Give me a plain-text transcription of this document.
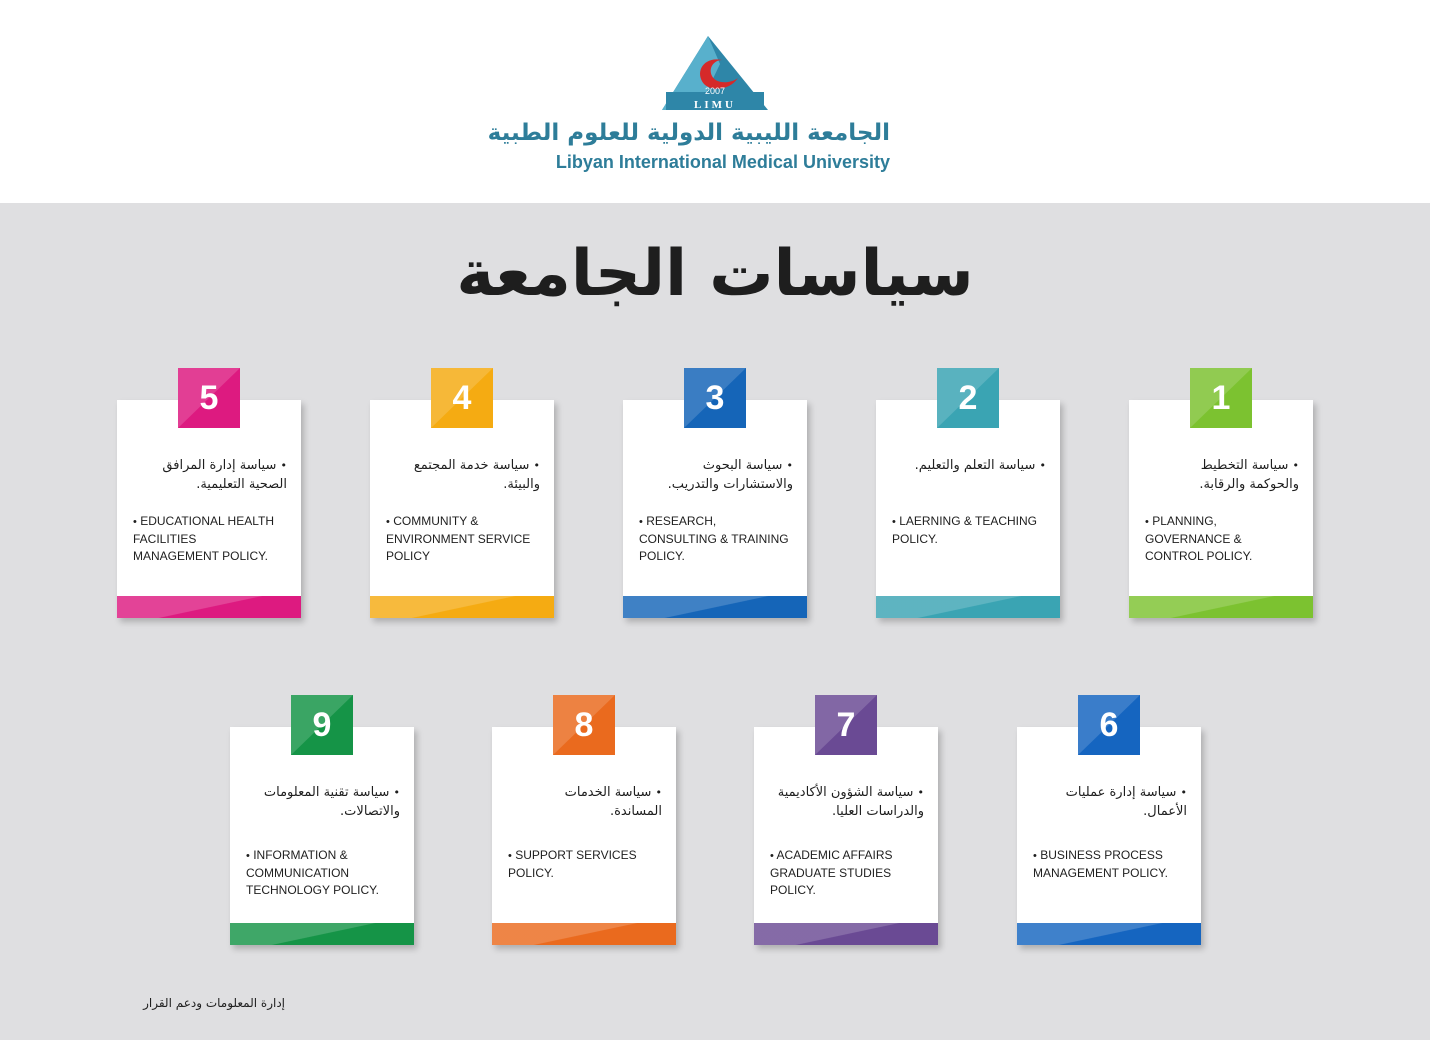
2007
LIMU
الجامعة الليبية الدولية للعلوم الطبية
Libyan International Medical University
سياسات الجامعة
1
• سياسة التخطيط والحوكمة والرقابة.
• PLANNING, GOVERNANCE & CONTROL POLICY.
2
• سياسة التعلم والتعليم.
• LAERNING & TEACHING POLICY.
3
• سياسة البحوث والاستشارات والتدريب.
• RESEARCH, CONSULTING & TRAINING POLICY.
4
• سياسة خدمة المجتمع والبيئة.
• COMMUNITY & ENVIRONMENT SERVICE POLICY
5
• سياسة إدارة المرافق الصحية التعليمية.
• EDUCATIONAL HEALTH FACILITIES MANAGEMENT POLICY.
6
• سياسة إدارة عمليات الأعمال.
• BUSINESS PROCESS MANAGEMENT POLICY.
7
• سياسة الشؤون الأكاديمية والدراسات العليا.
• ACADEMIC AFFAIRS GRADUATE STUDIES POLICY.
8
• سياسة الخدمات المساندة.
• SUPPORT SERVICES POLICY.
9
• سياسة تقنية المعلومات والاتصالات.
• INFORMATION & COMMUNICATION TECHNOLOGY POLICY.
إدارة المعلومات ودعم القرار
